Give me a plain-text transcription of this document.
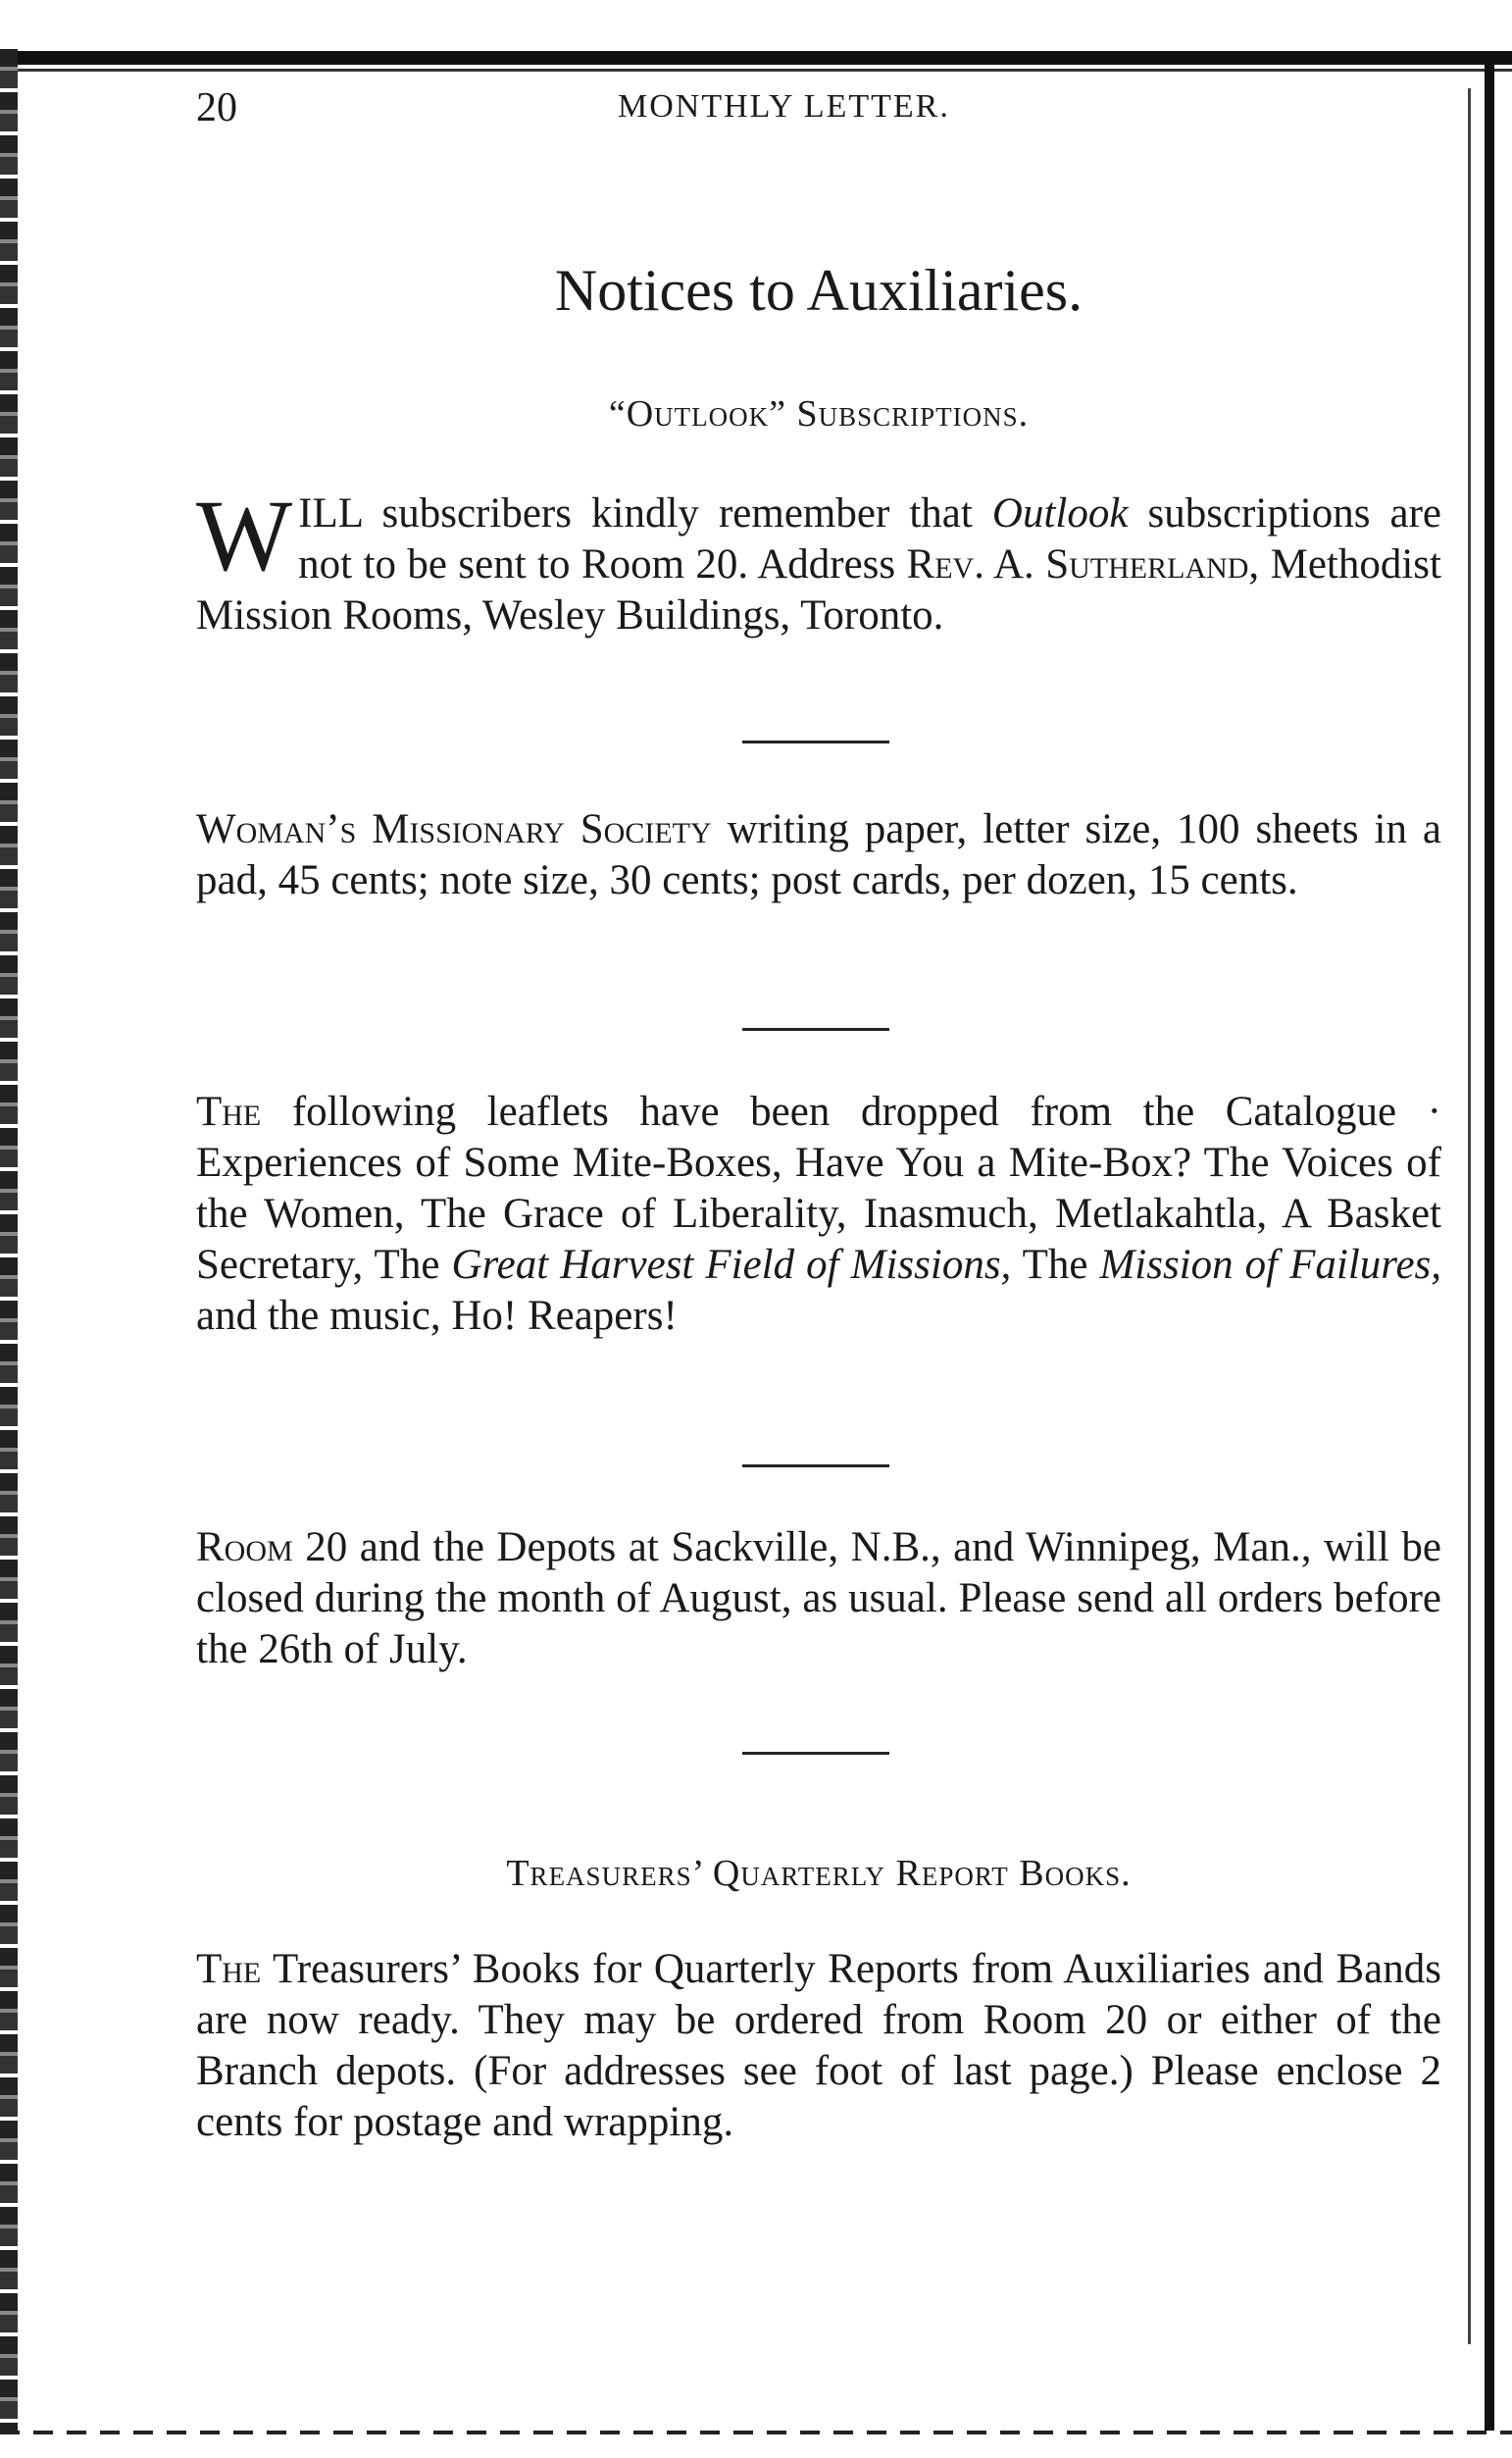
20	MONTHLY LETTER.
Notices to Auxiliaries.
“Outlook” Subscriptions.

WILL subscribers kindly remember that Outlook subscriptions are not to be sent to Room 20. Address Rev. A. Sutherland, Methodist Mission Rooms, Wesley Buildings, Toronto.

Woman’s Missionary Society writing paper, letter size, 100 sheets in a pad, 45 cents; note size, 30 cents; post cards, per dozen, 15 cents.

The following leaflets have been dropped from the Catalogue · Experiences of Some Mite-Boxes, Have You a Mite-Box? The Voices of the Women, The Grace of Liberality, Inasmuch, Metlakahtla, A Basket Secretary, The Great Harvest Field of Missions, The Mission of Failures, and the music, Ho! Reapers!

Room 20 and the Depots at Sackville, N.B., and Winnipeg, Man., will be closed during the month of August, as usual. Please send all orders before the 26th of July.

Treasurers’ Quarterly Report Books.

The Treasurers’ Books for Quarterly Reports from Auxiliaries and Bands are now ready. They may be ordered from Room 20 or either of the Branch depots. (For addresses see foot of last page.) Please enclose 2 cents for postage and wrapping.
